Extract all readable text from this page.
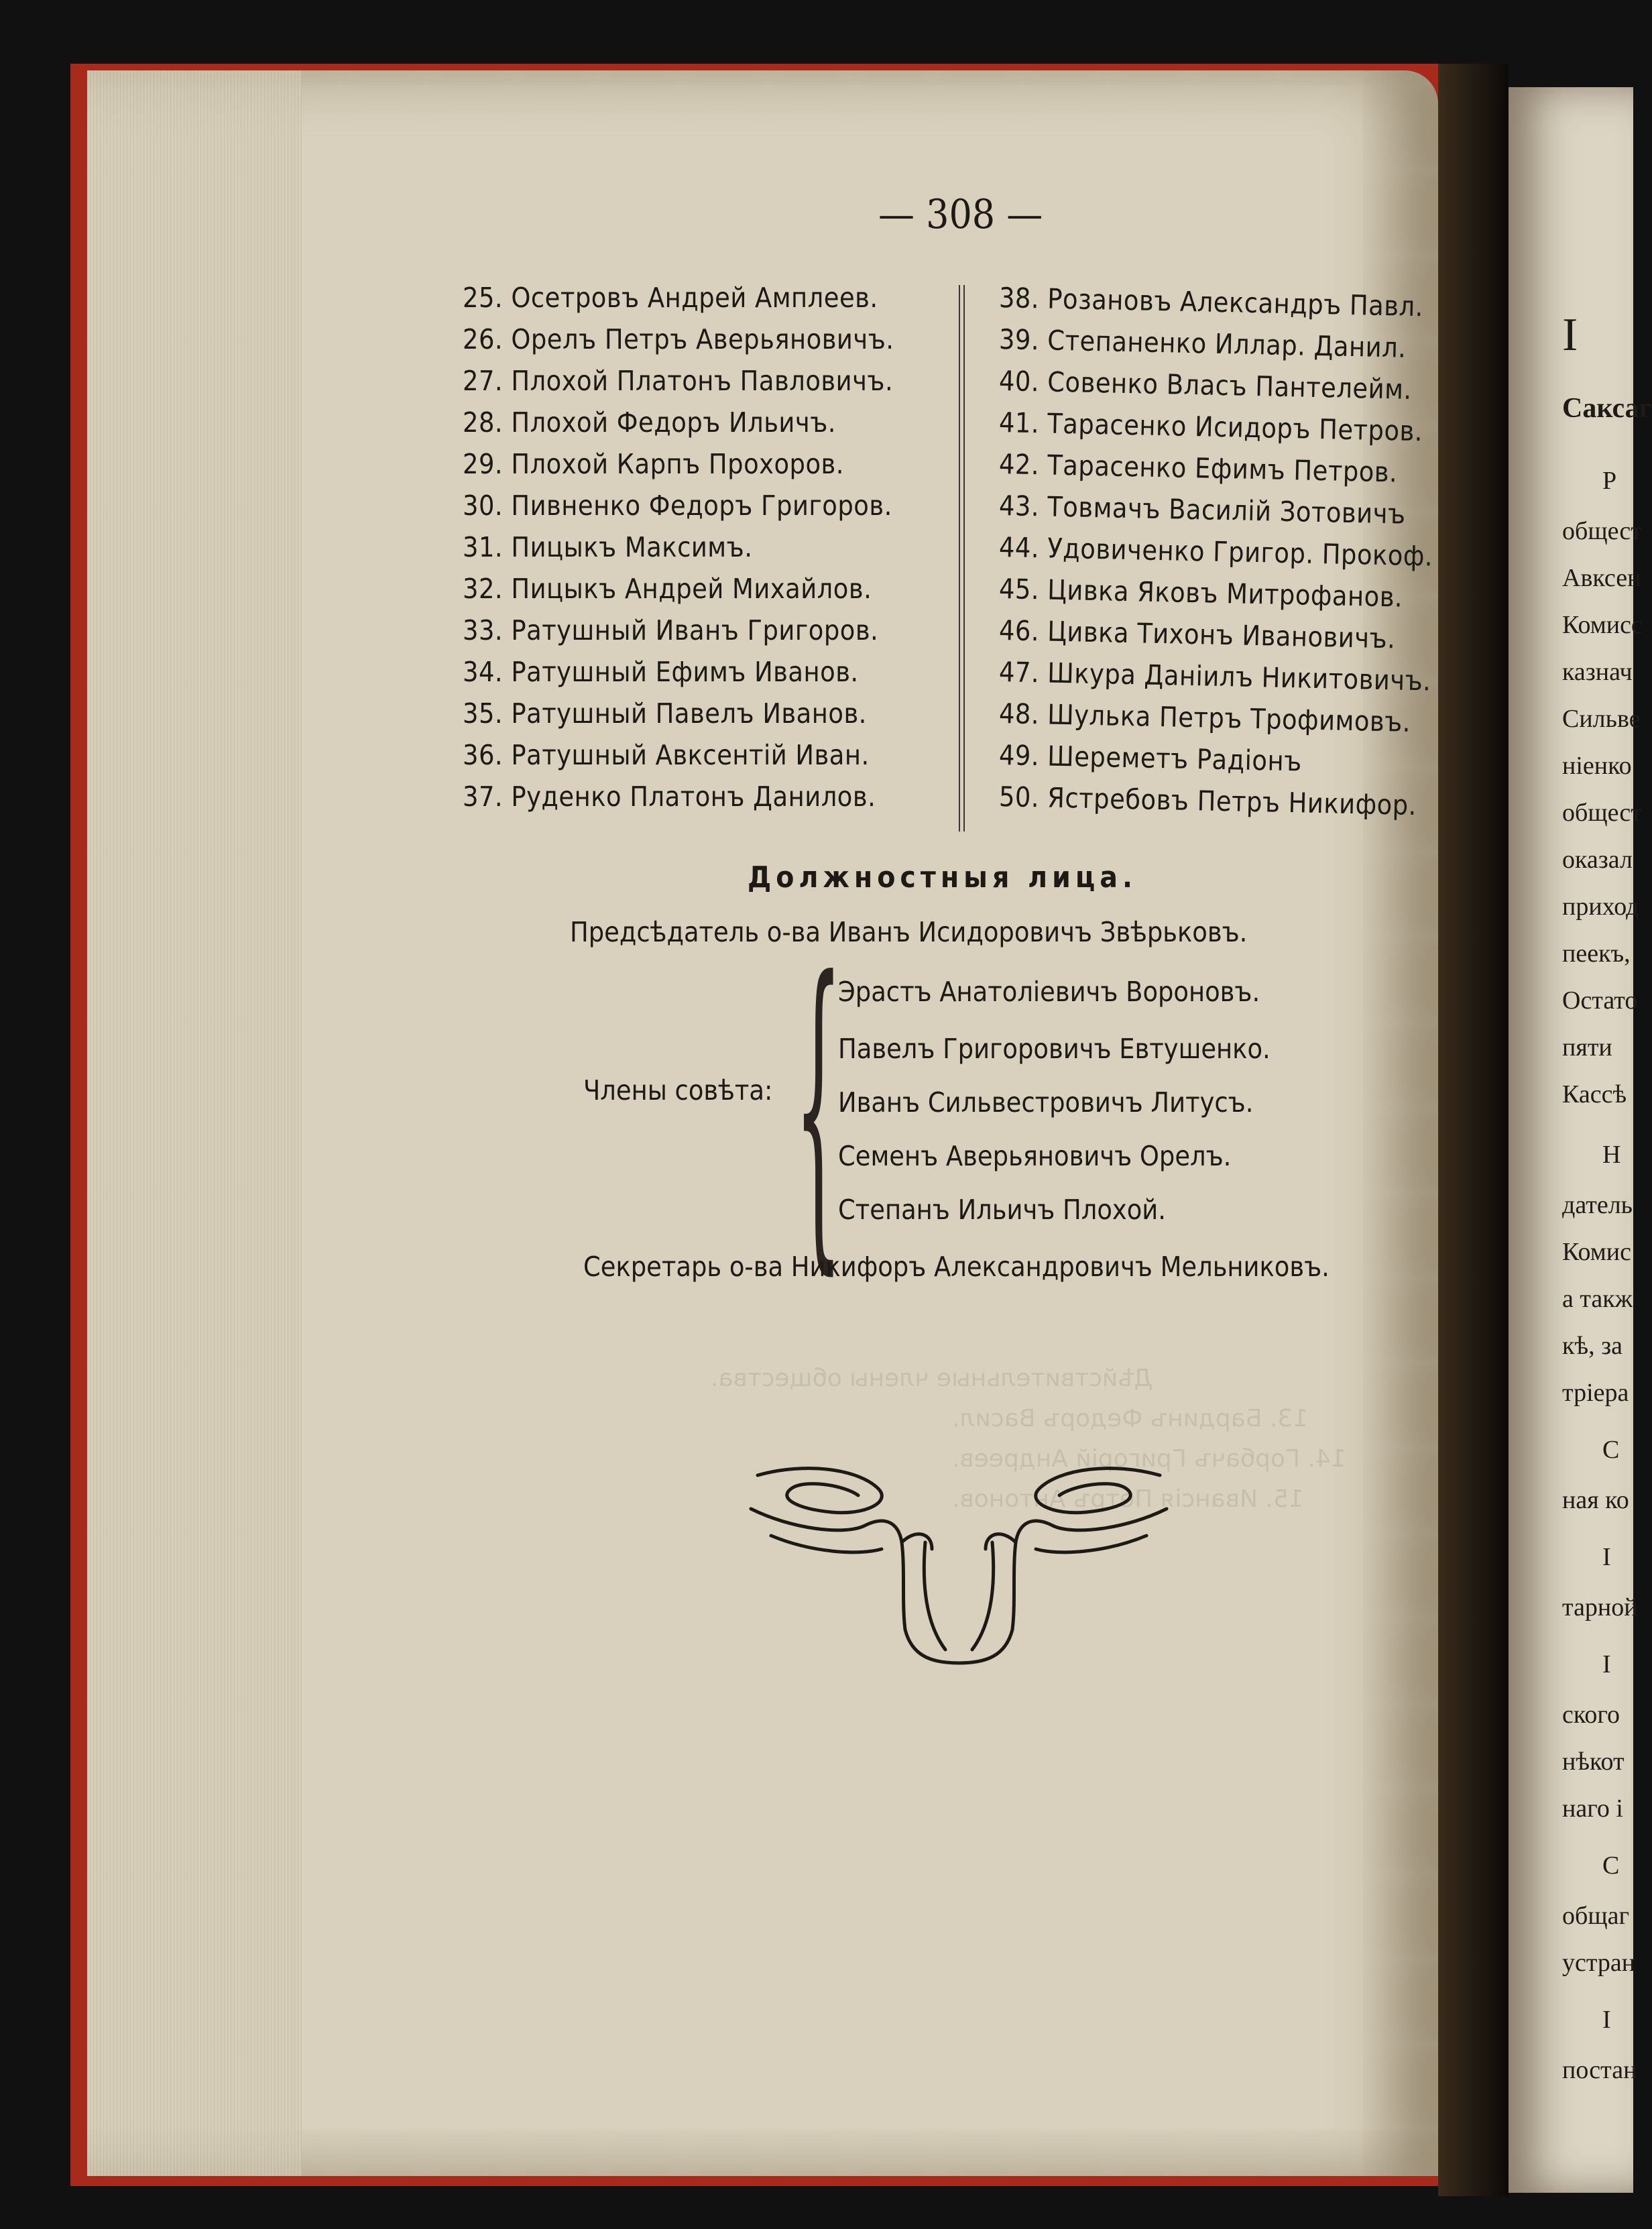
Дѣйствительные члены общества.
13. Бардинъ Федоръ Васил.
14. Горбачъ Григорій Андреев.
15. Ивансія Петръ Антонов.
— 308 —
25. Осетровъ Андрей Амплеев.
26. Орелъ Петръ Аверьяновичъ.
27. Плохой Платонъ Павловичъ.
28. Плохой Федоръ Ильичъ.
29. Плохой Карпъ Прохоров.
30. Пивненко Федоръ Григоров.
31. Пицыкъ Максимъ.
32. Пицыкъ Андрей Михайлов.
33. Ратушный Иванъ Григоров.
34. Ратушный Ефимъ Иванов.
35. Ратушный Павелъ Иванов.
36. Ратушный Авксентій Иван.
37. Руденко Платонъ Данилов.
38. Розановъ Александръ Павл.
39. Степаненко Иллар. Данил.
40. Совенко Власъ Пантелейм.
41. Тарасенко Исидоръ Петров.
42. Тарасенко Ефимъ Петров.
43. Товмачъ Василій Зотовичъ
44. Удовиченко Григор. Прокоф.
45. Цивка Яковъ Митрофанов.
46. Цивка Тихонъ Ивановичъ.
47. Шкура Даніилъ Никитовичъ.
48. Шулька Петръ Трофимовъ.
49. Шереметъ Радіонъ
50. Ястребовъ Петръ Никифор.
Должностныя лица.
Предсѣдатель о-ва Иванъ Исидоровичъ Звѣрьковъ.
Члены совѣта: {
Эрастъ Анатоліевичъ Вороновъ.
Павелъ Григоровичъ Евтушенко.
Иванъ Сильвестровичъ Литусъ.
Семенъ Аверьяновичъ Орелъ.
Степанъ Ильичъ Плохой.
Секретарь о-ва Никифоръ Александровичъ Мельниковъ.
І
Саксаг
Р
общест
Авксен
Комисс
казнач
Сильве
ніенко
общест
оказал
приход
пеекъ,
Остато
пяти
Кассѣ
Н
датель
Комис
а такж
кѣ, за
тріера
С
ная ко
І
тарной
І
ского
нѣкот
наго і
С
общаг
устран
І
постан
